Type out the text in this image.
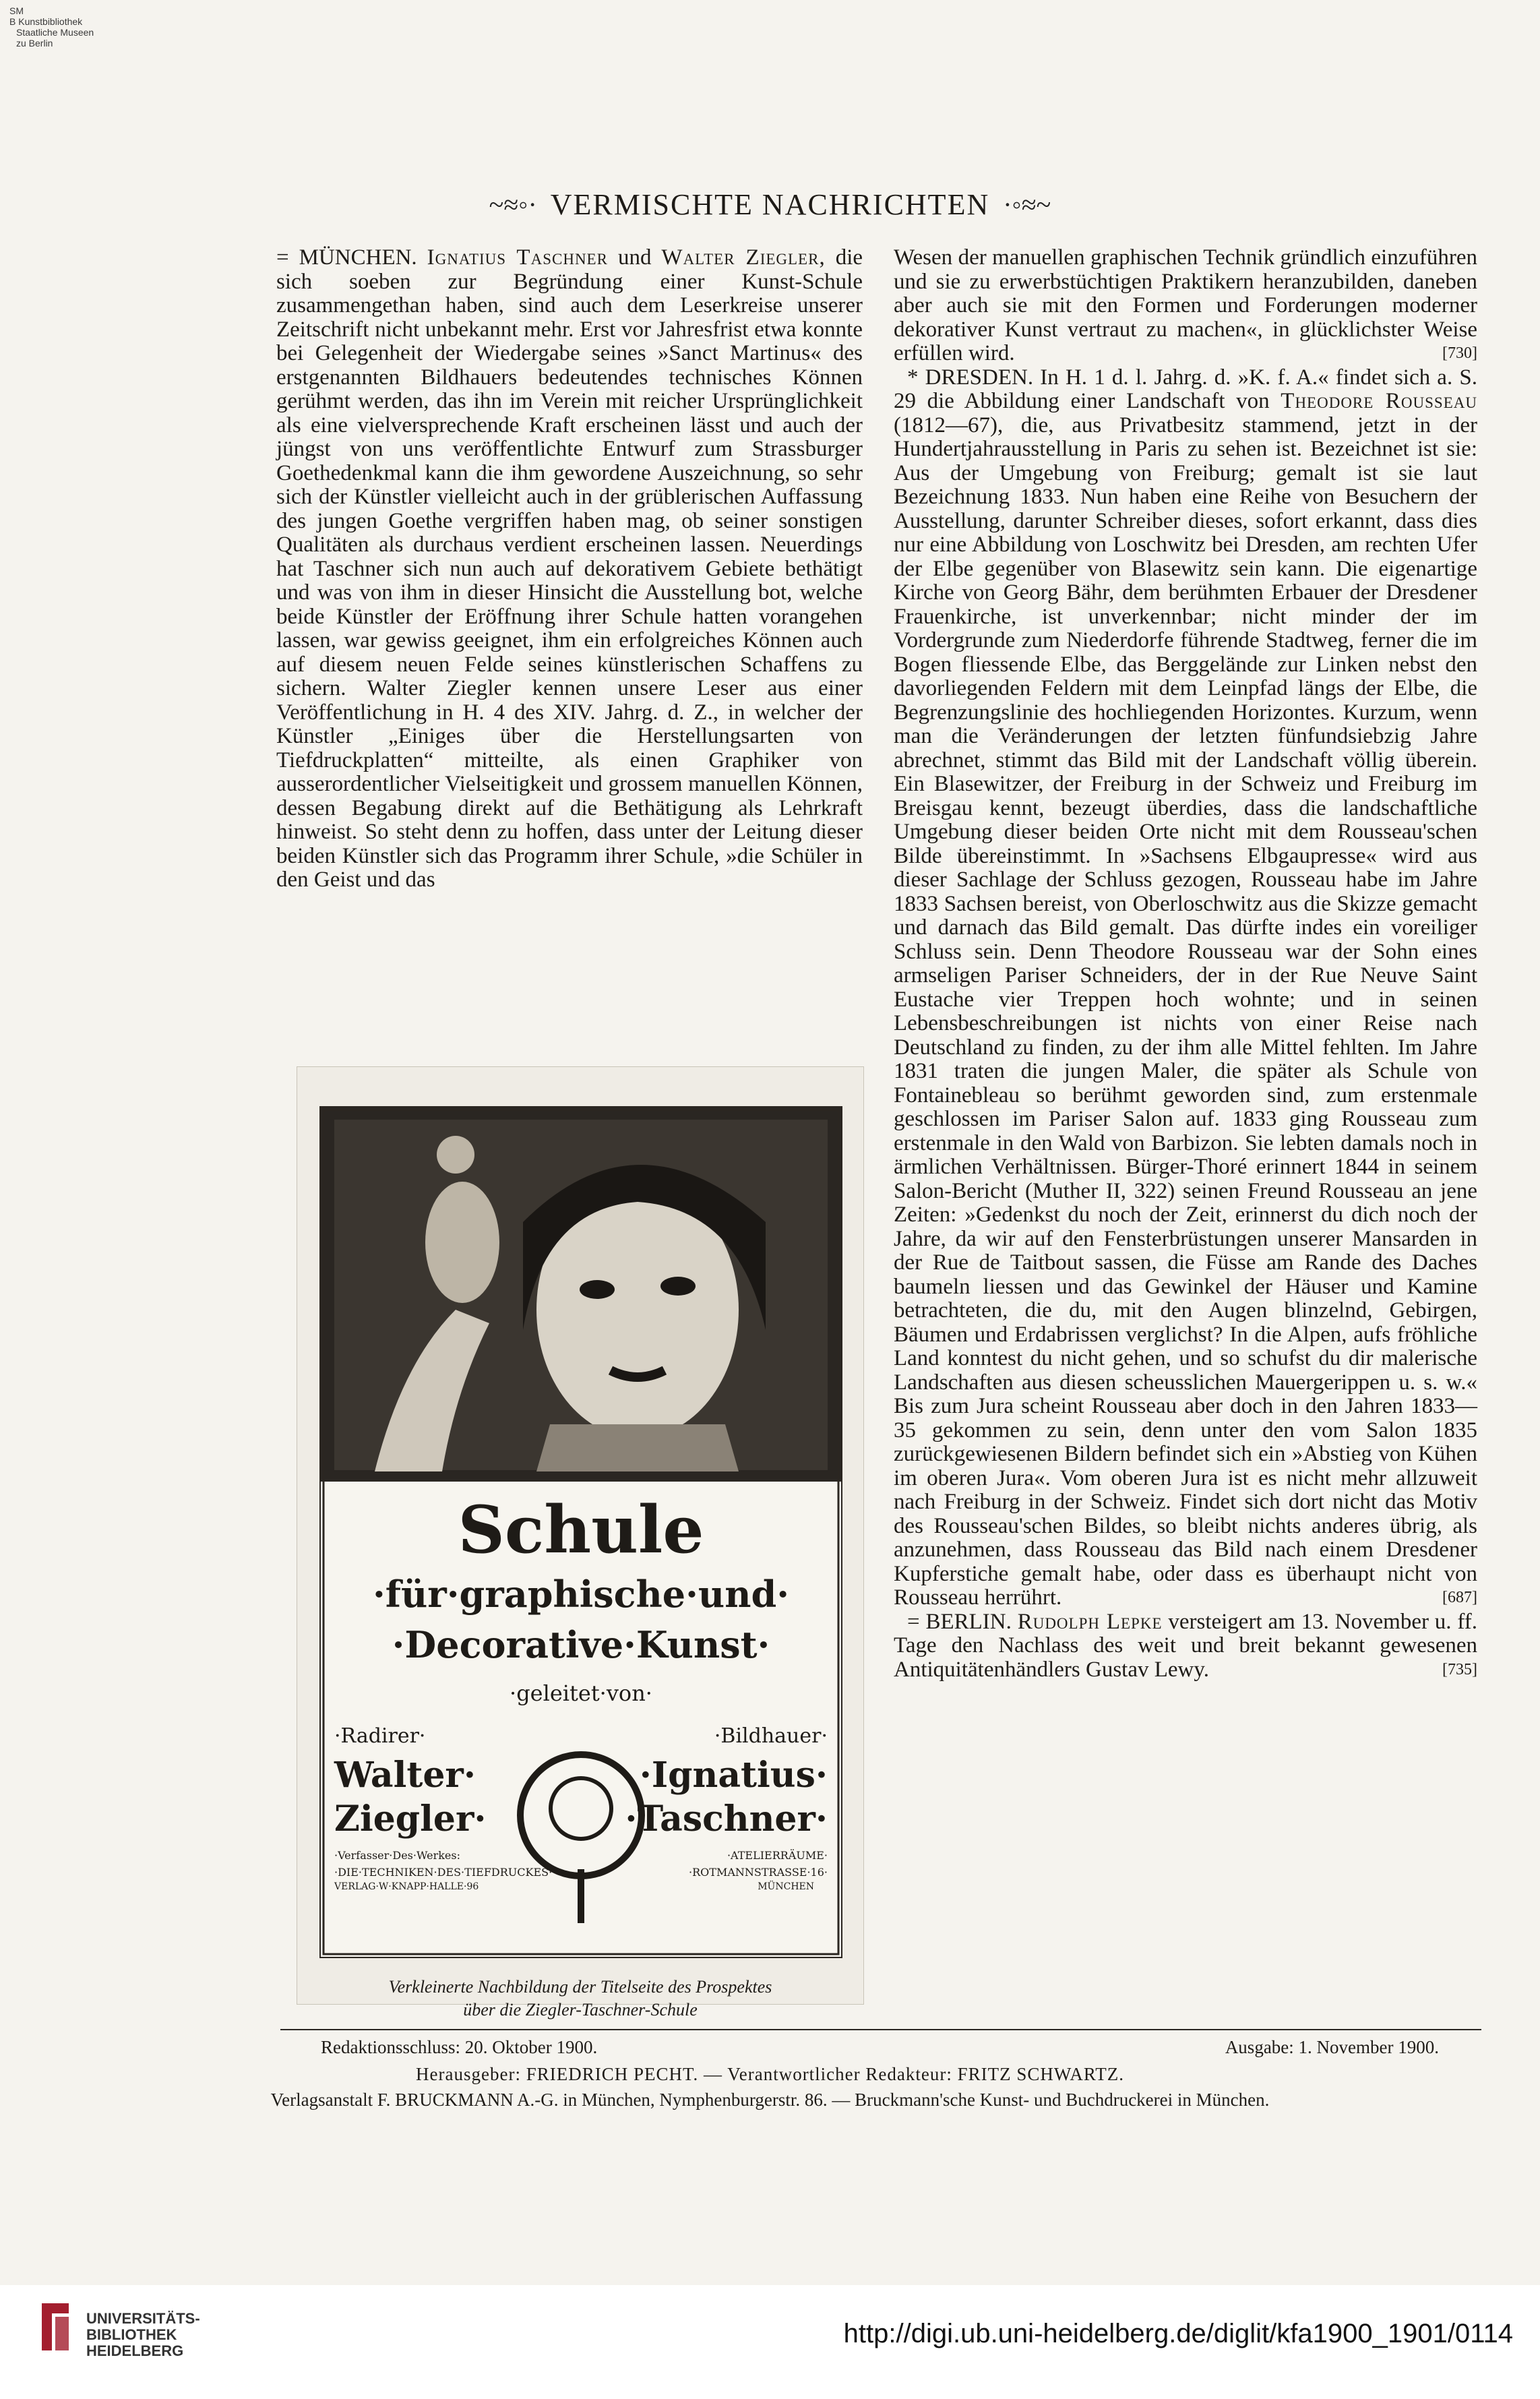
SM
B Kunstbibliothek
Staatliche Museen
zu Berlin
~≈◦· VERMISCHTE NACHRICHTEN ·◦≈~

= MÜNCHEN. Ignatius Taschner und Walter Ziegler, die sich soeben zur Begründung einer Kunst-Schule zusammengethan haben, sind auch dem Leserkreise unserer Zeitschrift nicht unbekannt mehr. Erst vor Jahresfrist etwa konnte bei Gelegenheit der Wiedergabe seines »Sanct Martinus« des erstgenannten Bildhauers bedeutendes technisches Können gerühmt werden, das ihn im Verein mit reicher Ursprünglichkeit als eine vielversprechende Kraft erscheinen lässt und auch der jüngst von uns veröffentlichte Entwurf zum Strassburger Goethedenkmal kann die ihm gewordene Auszeichnung, so sehr sich der Künstler vielleicht auch in der grüblerischen Auffassung des jungen Goethe vergriffen haben mag, ob seiner sonstigen Qualitäten als durchaus verdient erscheinen lassen. Neuerdings hat Taschner sich nun auch auf dekorativem Gebiete bethätigt und was von ihm in dieser Hinsicht die Ausstellung bot, welche beide Künstler der Eröffnung ihrer Schule hatten vorangehen lassen, war gewiss geeignet, ihm ein erfolgreiches Können auch auf diesem neuen Felde seines künstlerischen Schaffens zu sichern. Walter Ziegler kennen unsere Leser aus einer Veröffentlichung in H. 4 des XIV. Jahrg. d. Z., in welcher der Künstler „Einiges über die Herstellungsarten von Tiefdruckplatten“ mitteilte, als einen Graphiker von ausserordentlicher Vielseitigkeit und grossem manuellen Können, dessen Begabung direkt auf die Bethätigung als Lehrkraft hinweist. So steht denn zu hoffen, dass unter der Leitung dieser beiden Künstler sich das Programm ihrer Schule, »die Schüler in den Geist und das

Schule
·für·graphische·und·
·Decorative·Kunst·
·geleitet·von·
·Radirer·
Walter·
Ziegler·
·Verfasser·Des·Werkes:
·DIE·TECHNIKEN·DES·TIEFDRUCKES·
VERLAG·W·KNAPP·HALLE·96
·Bildhauer·
·Ignatius·
·Taschner·
·ATELIERRÄUME·
·ROTMANNSTRASSE·16·
MÜNCHEN
Verkleinerte Nachbildung der Titelseite des Prospektes
über die Ziegler-Taschner-Schule

Wesen der manuellen graphischen Technik gründlich einzuführen und sie zu erwerbstüchtigen Praktikern heranzubilden, daneben aber auch sie mit den Formen und Forderungen moderner dekorativer Kunst vertraut zu machen«, in glücklichster Weise erfüllen wird.	[730]

* DRESDEN. In H. 1 d. l. Jahrg. d. »K. f. A.« findet sich a. S. 29 die Abbildung einer Landschaft von Theodore Rousseau (1812—67), die, aus Privatbesitz stammend, jetzt in der Hundertjahrausstellung in Paris zu sehen ist. Bezeichnet ist sie: Aus der Umgebung von Freiburg; gemalt ist sie laut Bezeichnung 1833. Nun haben eine Reihe von Besuchern der Ausstellung, darunter Schreiber dieses, sofort erkannt, dass dies nur eine Abbildung von Loschwitz bei Dresden, am rechten Ufer der Elbe gegenüber von Blasewitz sein kann. Die eigenartige Kirche von Georg Bähr, dem berühmten Erbauer der Dresdener Frauenkirche, ist unverkennbar; nicht minder der im Vordergrunde zum Niederdorfe führende Stadtweg, ferner die im Bogen fliessende Elbe, das Berggelände zur Linken nebst den davorliegenden Feldern mit dem Leinpfad längs der Elbe, die Begrenzungslinie des hochliegenden Horizontes. Kurzum, wenn man die Veränderungen der letzten fünfundsiebzig Jahre abrechnet, stimmt das Bild mit der Landschaft völlig überein. Ein Blasewitzer, der Freiburg in der Schweiz und Freiburg im Breisgau kennt, bezeugt überdies, dass die landschaftliche Umgebung dieser beiden Orte nicht mit dem Rousseau'schen Bilde übereinstimmt. In »Sachsens Elbgaupresse« wird aus dieser Sachlage der Schluss gezogen, Rousseau habe im Jahre 1833 Sachsen bereist, von Oberloschwitz aus die Skizze gemacht und darnach das Bild gemalt. Das dürfte indes ein voreiliger Schluss sein. Denn Theodore Rousseau war der Sohn eines armseligen Pariser Schneiders, der in der Rue Neuve Saint Eustache vier Treppen hoch wohnte; und in seinen Lebensbeschreibungen ist nichts von einer Reise nach Deutschland zu finden, zu der ihm alle Mittel fehlten. Im Jahre 1831 traten die jungen Maler, die später als Schule von Fontainebleau so berühmt geworden sind, zum erstenmale geschlossen im Pariser Salon auf. 1833 ging Rousseau zum erstenmale in den Wald von Barbizon. Sie lebten damals noch in ärmlichen Verhältnissen. Bürger-Thoré erinnert 1844 in seinem Salon-Bericht (Muther II, 322) seinen Freund Rousseau an jene Zeiten: »Gedenkst du noch der Zeit, erinnerst du dich noch der Jahre, da wir auf den Fensterbrüstungen unserer Mansarden in der Rue de Taitbout sassen, die Füsse am Rande des Daches baumeln liessen und das Gewinkel der Häuser und Kamine betrachteten, die du, mit den Augen blinzelnd, Gebirgen, Bäumen und Erdabrissen verglichst? In die Alpen, aufs fröhliche Land konntest du nicht gehen, und so schufst du dir malerische Landschaften aus diesen scheusslichen Mauergerippen u. s. w.« Bis zum Jura scheint Rousseau aber doch in den Jahren 1833—35 gekommen zu sein, denn unter den vom Salon 1835 zurückgewiesenen Bildern befindet sich ein »Abstieg von Kühen im oberen Jura«. Vom oberen Jura ist es nicht mehr allzuweit nach Freiburg in der Schweiz. Findet sich dort nicht das Motiv des Rousseau'schen Bildes, so bleibt nichts anderes übrig, als anzunehmen, dass Rousseau das Bild nach einem Dresdener Kupferstiche gemalt habe, oder dass es überhaupt nicht von Rousseau herrührt.	[687]

= BERLIN. Rudolph Lepke versteigert am 13. November u. ff. Tage den Nachlass des weit und breit bekannt gewesenen Antiquitätenhändlers Gustav Lewy.	[735]

Redaktionsschluss: 20. Oktober 1900.	Ausgabe: 1. November 1900.
Herausgeber: FRIEDRICH PECHT. — Verantwortlicher Redakteur: FRITZ SCHWARTZ.
Verlagsanstalt F. BRUCKMANN A.-G. in München, Nymphenburgerstr. 86. — Bruckmann'sche Kunst- und Buchdruckerei in München.
UNIVERSITÄTS-
BIBLIOTHEK
HEIDELBERG
http://digi.ub.uni-heidelberg.de/diglit/kfa1900_1901/0114
